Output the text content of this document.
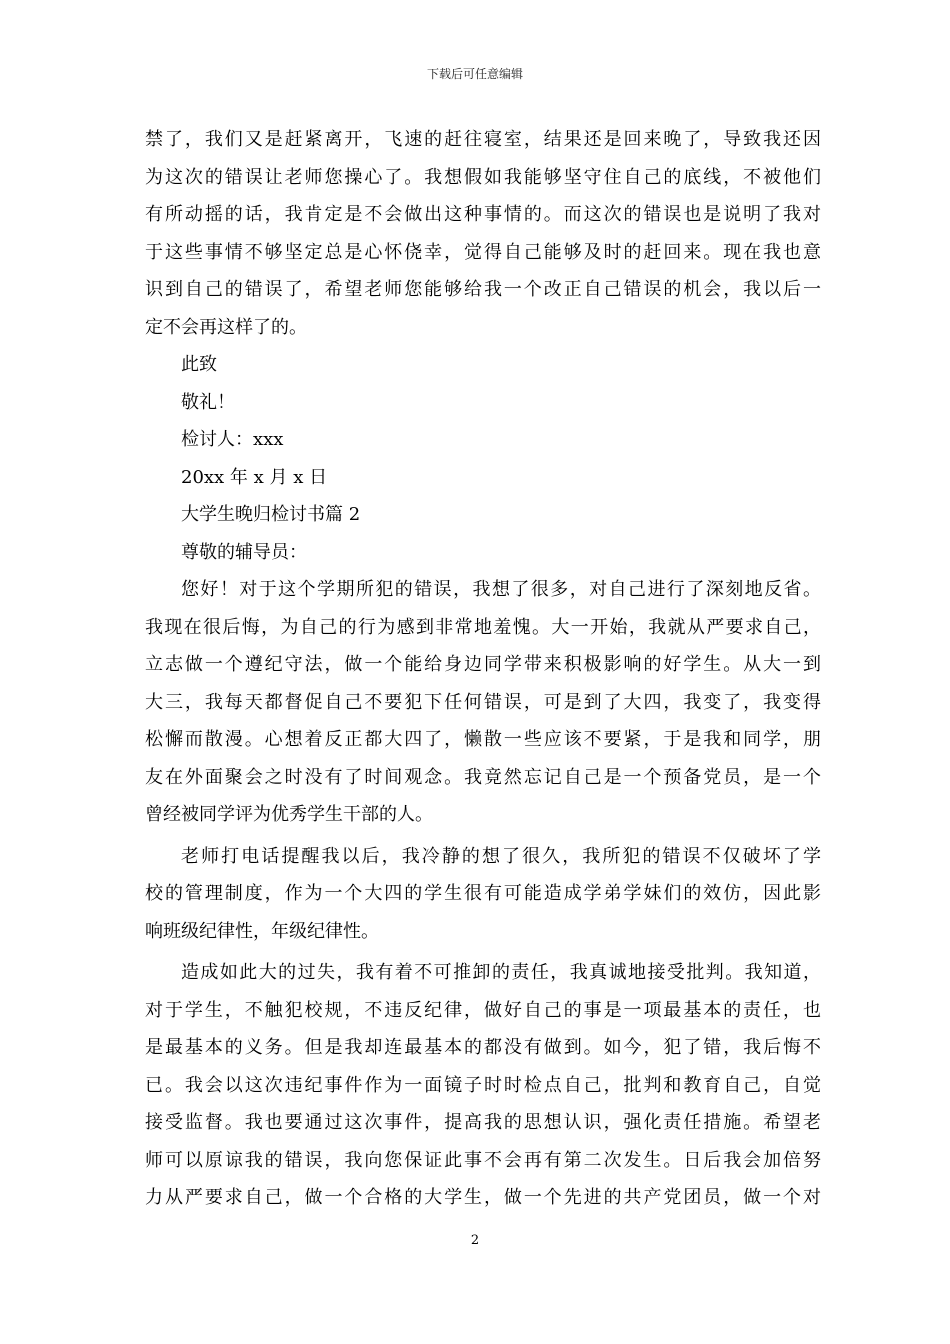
下载后可任意编辑
禁了，我们又是赶紧离开，飞速的赶往寝室，结果还是回来晚了，导致我还因
为这次的错误让老师您操心了。我想假如我能够坚守住自己的底线，不被他们
有所动摇的话，我肯定是不会做出这种事情的。而这次的错误也是说明了我对
于这些事情不够坚定总是心怀侥幸，觉得自己能够及时的赶回来。现在我也意
识到自己的错误了，希望老师您能够给我一个改正自己错误的机会，我以后一
定不会再这样了的。
此致
敬礼！
检讨人：xxx
20xx 年 x 月 x 日
大学生晚归检讨书篇 2
尊敬的辅导员：
您好！对于这个学期所犯的错误，我想了很多，对自己进行了深刻地反省。
我现在很后悔，为自己的行为感到非常地羞愧。大一开始，我就从严要求自己，
立志做一个遵纪守法，做一个能给身边同学带来积极影响的好学生。从大一到
大三，我每天都督促自己不要犯下任何错误，可是到了大四，我变了，我变得
松懈而散漫。心想着反正都大四了，懒散一些应该不要紧，于是我和同学，朋
友在外面聚会之时没有了时间观念。我竟然忘记自己是一个预备党员，是一个
曾经被同学评为优秀学生干部的人。
老师打电话提醒我以后，我冷静的想了很久，我所犯的错误不仅破坏了学
校的管理制度，作为一个大四的学生很有可能造成学弟学妹们的效仿，因此影
响班级纪律性，年级纪律性。
造成如此大的过失，我有着不可推卸的责任，我真诚地接受批判。我知道，
对于学生，不触犯校规，不违反纪律，做好自己的事是一项最基本的责任，也
是最基本的义务。但是我却连最基本的都没有做到。如今，犯了错，我后悔不
已。我会以这次违纪事件作为一面镜子时时检点自己，批判和教育自己，自觉
接受监督。我也要通过这次事件，提高我的思想认识，强化责任措施。希望老
师可以原谅我的错误，我向您保证此事不会再有第二次发生。日后我会加倍努
力从严要求自己，做一个合格的大学生，做一个先进的共产党团员，做一个对
2
